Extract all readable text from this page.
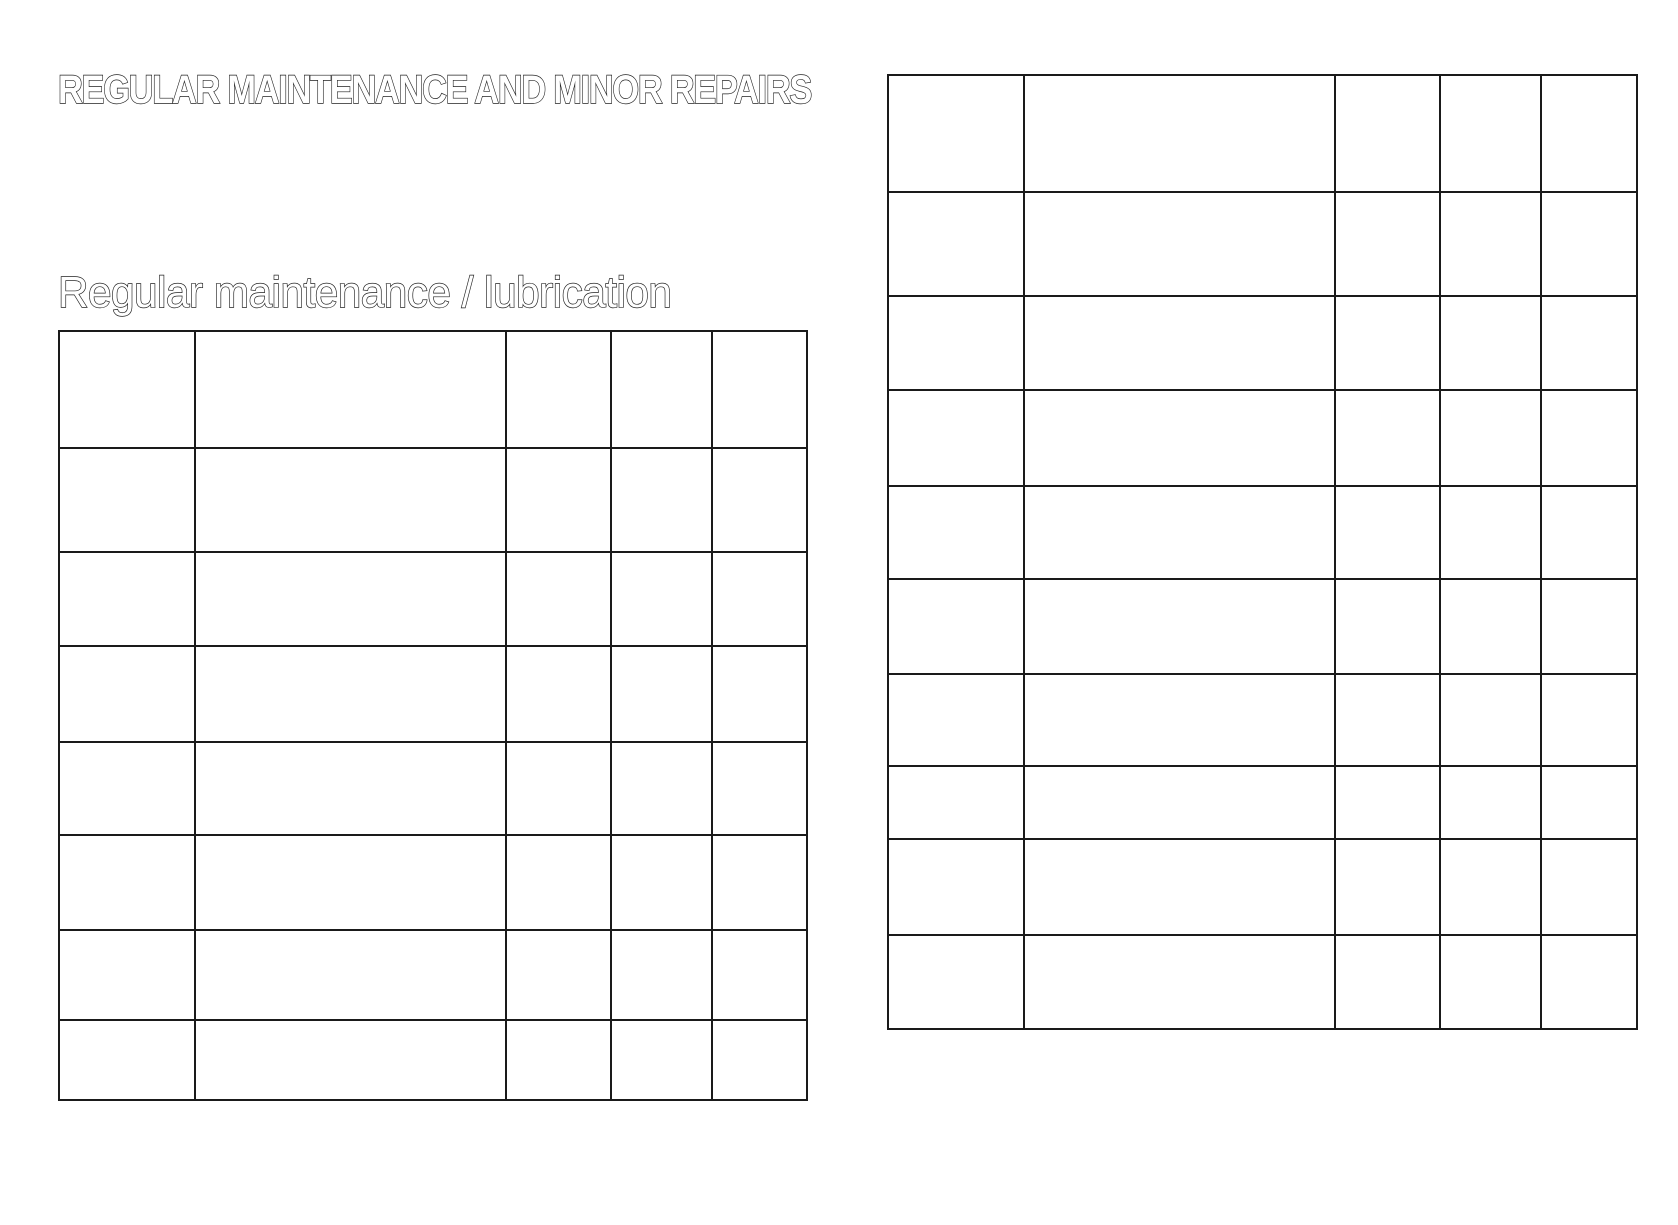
REGULAR MAINTENANCE AND MINOR REPAIRS
Regular maintenance / lubrication
